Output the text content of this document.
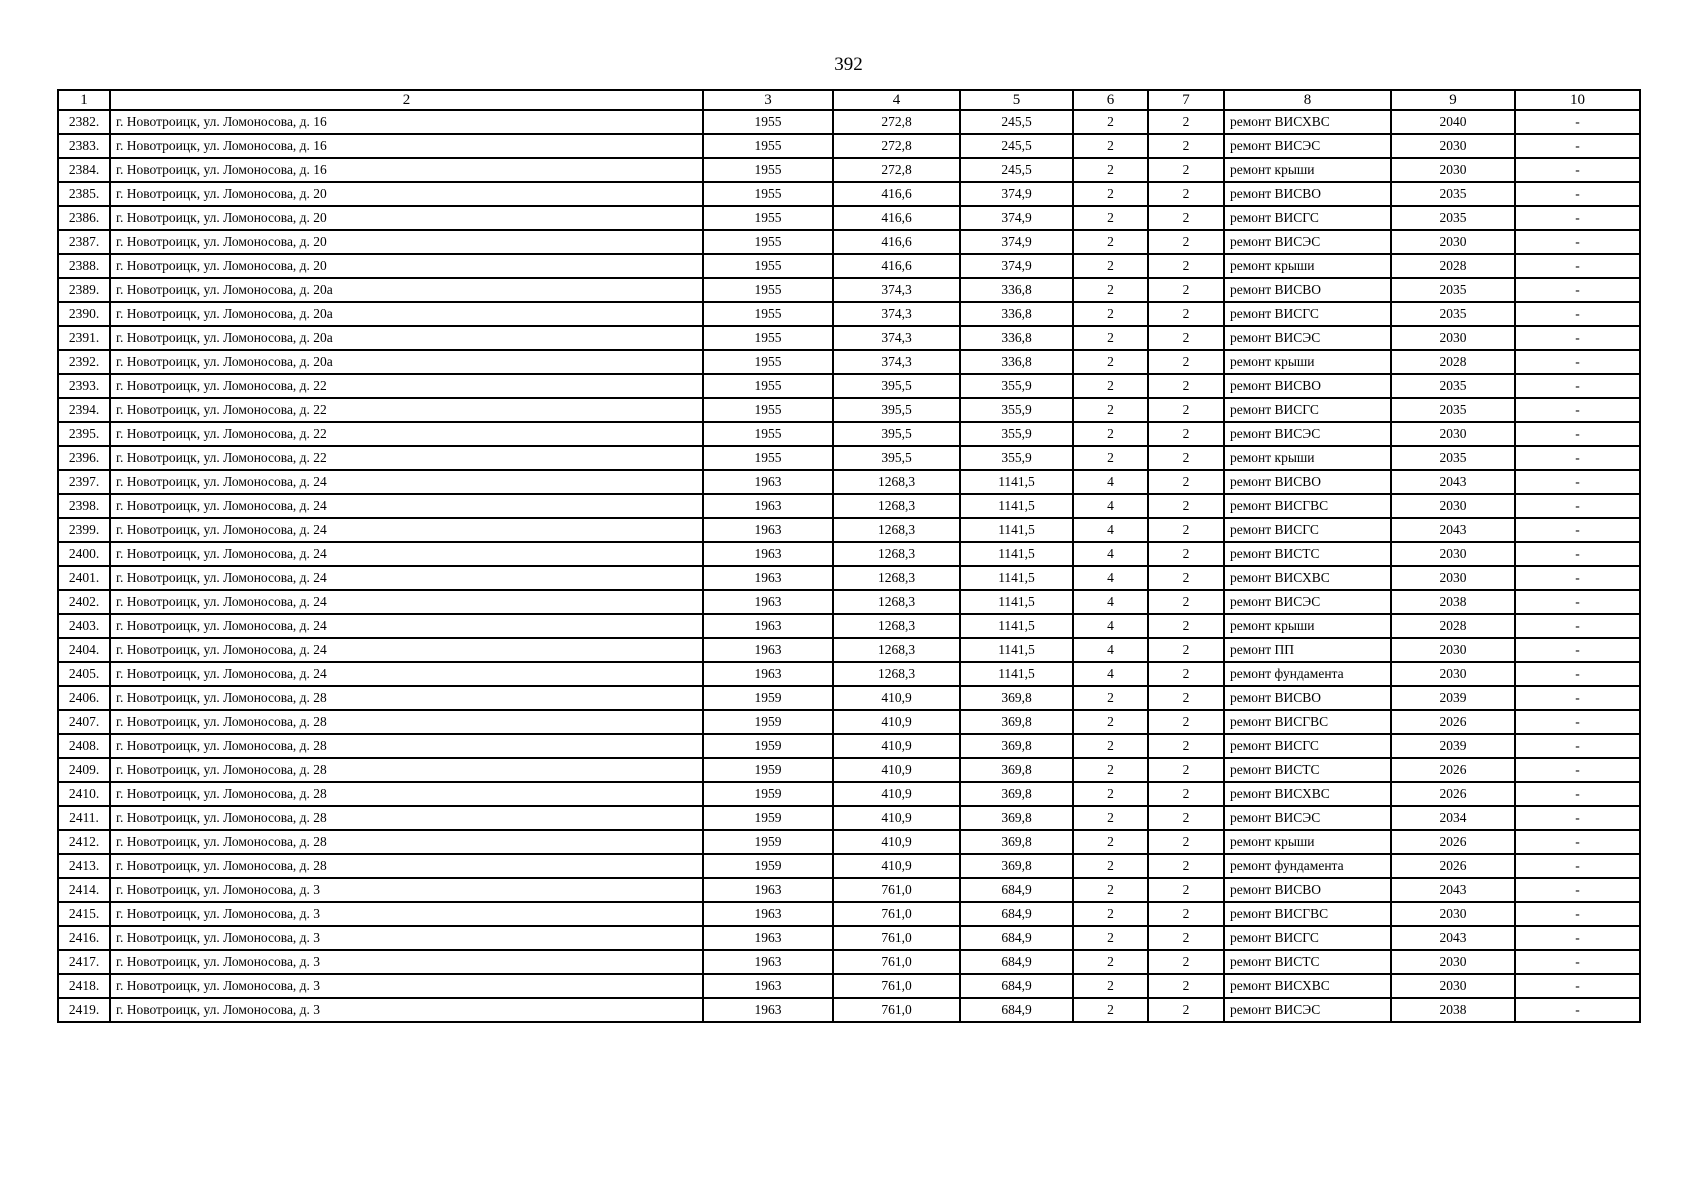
392
1	2	3	4	5	6	7	8	9	10
2382.	г. Новотроицк, ул. Ломоносова, д. 16	1955	272,8	245,5	2	2	ремонт ВИСХВС	2040	-
2383.	г. Новотроицк, ул. Ломоносова, д. 16	1955	272,8	245,5	2	2	ремонт ВИСЭС	2030	-
2384.	г. Новотроицк, ул. Ломоносова, д. 16	1955	272,8	245,5	2	2	ремонт крыши	2030	-
2385.	г. Новотроицк, ул. Ломоносова, д. 20	1955	416,6	374,9	2	2	ремонт ВИСВО	2035	-
2386.	г. Новотроицк, ул. Ломоносова, д. 20	1955	416,6	374,9	2	2	ремонт ВИСГС	2035	-
2387.	г. Новотроицк, ул. Ломоносова, д. 20	1955	416,6	374,9	2	2	ремонт ВИСЭС	2030	-
2388.	г. Новотроицк, ул. Ломоносова, д. 20	1955	416,6	374,9	2	2	ремонт крыши	2028	-
2389.	г. Новотроицк, ул. Ломоносова, д. 20а	1955	374,3	336,8	2	2	ремонт ВИСВО	2035	-
2390.	г. Новотроицк, ул. Ломоносова, д. 20а	1955	374,3	336,8	2	2	ремонт ВИСГС	2035	-
2391.	г. Новотроицк, ул. Ломоносова, д. 20а	1955	374,3	336,8	2	2	ремонт ВИСЭС	2030	-
2392.	г. Новотроицк, ул. Ломоносова, д. 20а	1955	374,3	336,8	2	2	ремонт крыши	2028	-
2393.	г. Новотроицк, ул. Ломоносова, д. 22	1955	395,5	355,9	2	2	ремонт ВИСВО	2035	-
2394.	г. Новотроицк, ул. Ломоносова, д. 22	1955	395,5	355,9	2	2	ремонт ВИСГС	2035	-
2395.	г. Новотроицк, ул. Ломоносова, д. 22	1955	395,5	355,9	2	2	ремонт ВИСЭС	2030	-
2396.	г. Новотроицк, ул. Ломоносова, д. 22	1955	395,5	355,9	2	2	ремонт крыши	2035	-
2397.	г. Новотроицк, ул. Ломоносова, д. 24	1963	1268,3	1141,5	4	2	ремонт ВИСВО	2043	-
2398.	г. Новотроицк, ул. Ломоносова, д. 24	1963	1268,3	1141,5	4	2	ремонт ВИСГВС	2030	-
2399.	г. Новотроицк, ул. Ломоносова, д. 24	1963	1268,3	1141,5	4	2	ремонт ВИСГС	2043	-
2400.	г. Новотроицк, ул. Ломоносова, д. 24	1963	1268,3	1141,5	4	2	ремонт ВИСТС	2030	-
2401.	г. Новотроицк, ул. Ломоносова, д. 24	1963	1268,3	1141,5	4	2	ремонт ВИСХВС	2030	-
2402.	г. Новотроицк, ул. Ломоносова, д. 24	1963	1268,3	1141,5	4	2	ремонт ВИСЭС	2038	-
2403.	г. Новотроицк, ул. Ломоносова, д. 24	1963	1268,3	1141,5	4	2	ремонт крыши	2028	-
2404.	г. Новотроицк, ул. Ломоносова, д. 24	1963	1268,3	1141,5	4	2	ремонт ПП	2030	-
2405.	г. Новотроицк, ул. Ломоносова, д. 24	1963	1268,3	1141,5	4	2	ремонт фундамента	2030	-
2406.	г. Новотроицк, ул. Ломоносова, д. 28	1959	410,9	369,8	2	2	ремонт ВИСВО	2039	-
2407.	г. Новотроицк, ул. Ломоносова, д. 28	1959	410,9	369,8	2	2	ремонт ВИСГВС	2026	-
2408.	г. Новотроицк, ул. Ломоносова, д. 28	1959	410,9	369,8	2	2	ремонт ВИСГС	2039	-
2409.	г. Новотроицк, ул. Ломоносова, д. 28	1959	410,9	369,8	2	2	ремонт ВИСТС	2026	-
2410.	г. Новотроицк, ул. Ломоносова, д. 28	1959	410,9	369,8	2	2	ремонт ВИСХВС	2026	-
2411.	г. Новотроицк, ул. Ломоносова, д. 28	1959	410,9	369,8	2	2	ремонт ВИСЭС	2034	-
2412.	г. Новотроицк, ул. Ломоносова, д. 28	1959	410,9	369,8	2	2	ремонт крыши	2026	-
2413.	г. Новотроицк, ул. Ломоносова, д. 28	1959	410,9	369,8	2	2	ремонт фундамента	2026	-
2414.	г. Новотроицк, ул. Ломоносова, д. 3	1963	761,0	684,9	2	2	ремонт ВИСВО	2043	-
2415.	г. Новотроицк, ул. Ломоносова, д. 3	1963	761,0	684,9	2	2	ремонт ВИСГВС	2030	-
2416.	г. Новотроицк, ул. Ломоносова, д. 3	1963	761,0	684,9	2	2	ремонт ВИСГС	2043	-
2417.	г. Новотроицк, ул. Ломоносова, д. 3	1963	761,0	684,9	2	2	ремонт ВИСТС	2030	-
2418.	г. Новотроицк, ул. Ломоносова, д. 3	1963	761,0	684,9	2	2	ремонт ВИСХВС	2030	-
2419.	г. Новотроицк, ул. Ломоносова, д. 3	1963	761,0	684,9	2	2	ремонт ВИСЭС	2038	-
